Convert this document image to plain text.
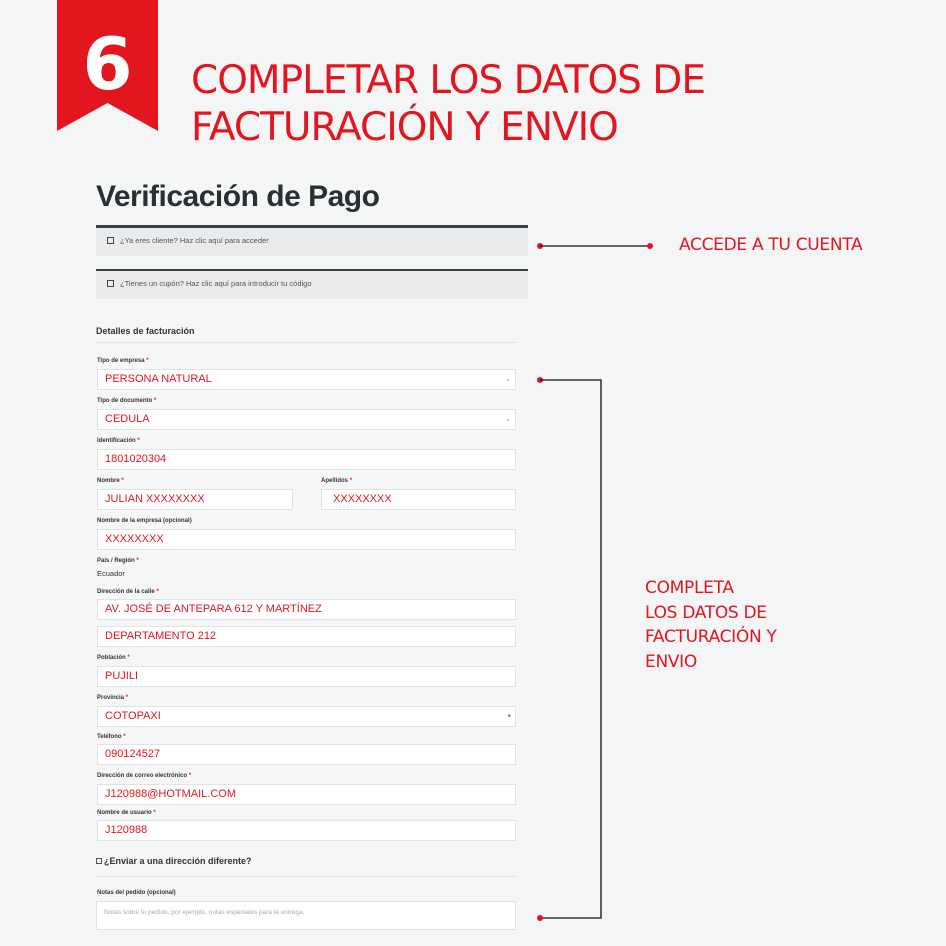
6	COMPLETAR LOS DATOS DE
FACTURACIÓN Y ENVIO
Verificación de Pago
¿Ya eres cliente? Haz clic aquí para acceder
¿Tienes un cupón? Haz clic aquí para introducir tu código
Detalles de facturación
Tipo de empresa *
PERSONA NATURAL	⌄
Tipo de documento *
CEDULA	⌄
Identificación *
1801020304
Nombre *
JULIAN XXXXXXXX
Apellidos *
XXXXXXXX
Nombre de la empresa (opcional)
XXXXXXXX
País / Región *
Ecuador
Dirección de la calle *
AV. JOSÉ DE ANTEPARA 612 Y MARTÍNEZ
DEPARTAMENTO 212
Población *
PUJILI
Provincia *
COTOPAXI	▾
Teléfono *
090124527
Dirección de correo electrónico *
J120988@HOTMAIL.COM
Nombre de usuario *
J120988
¿Enviar a una dirección diferente?
Notas del pedido (opcional)
Notas sobre tu pedido, por ejemplo, notas especiales para la entrega.
ACCEDE A TU CUENTA
COMPLETA
LOS DATOS DE
FACTURACIÓN Y
ENVIO
